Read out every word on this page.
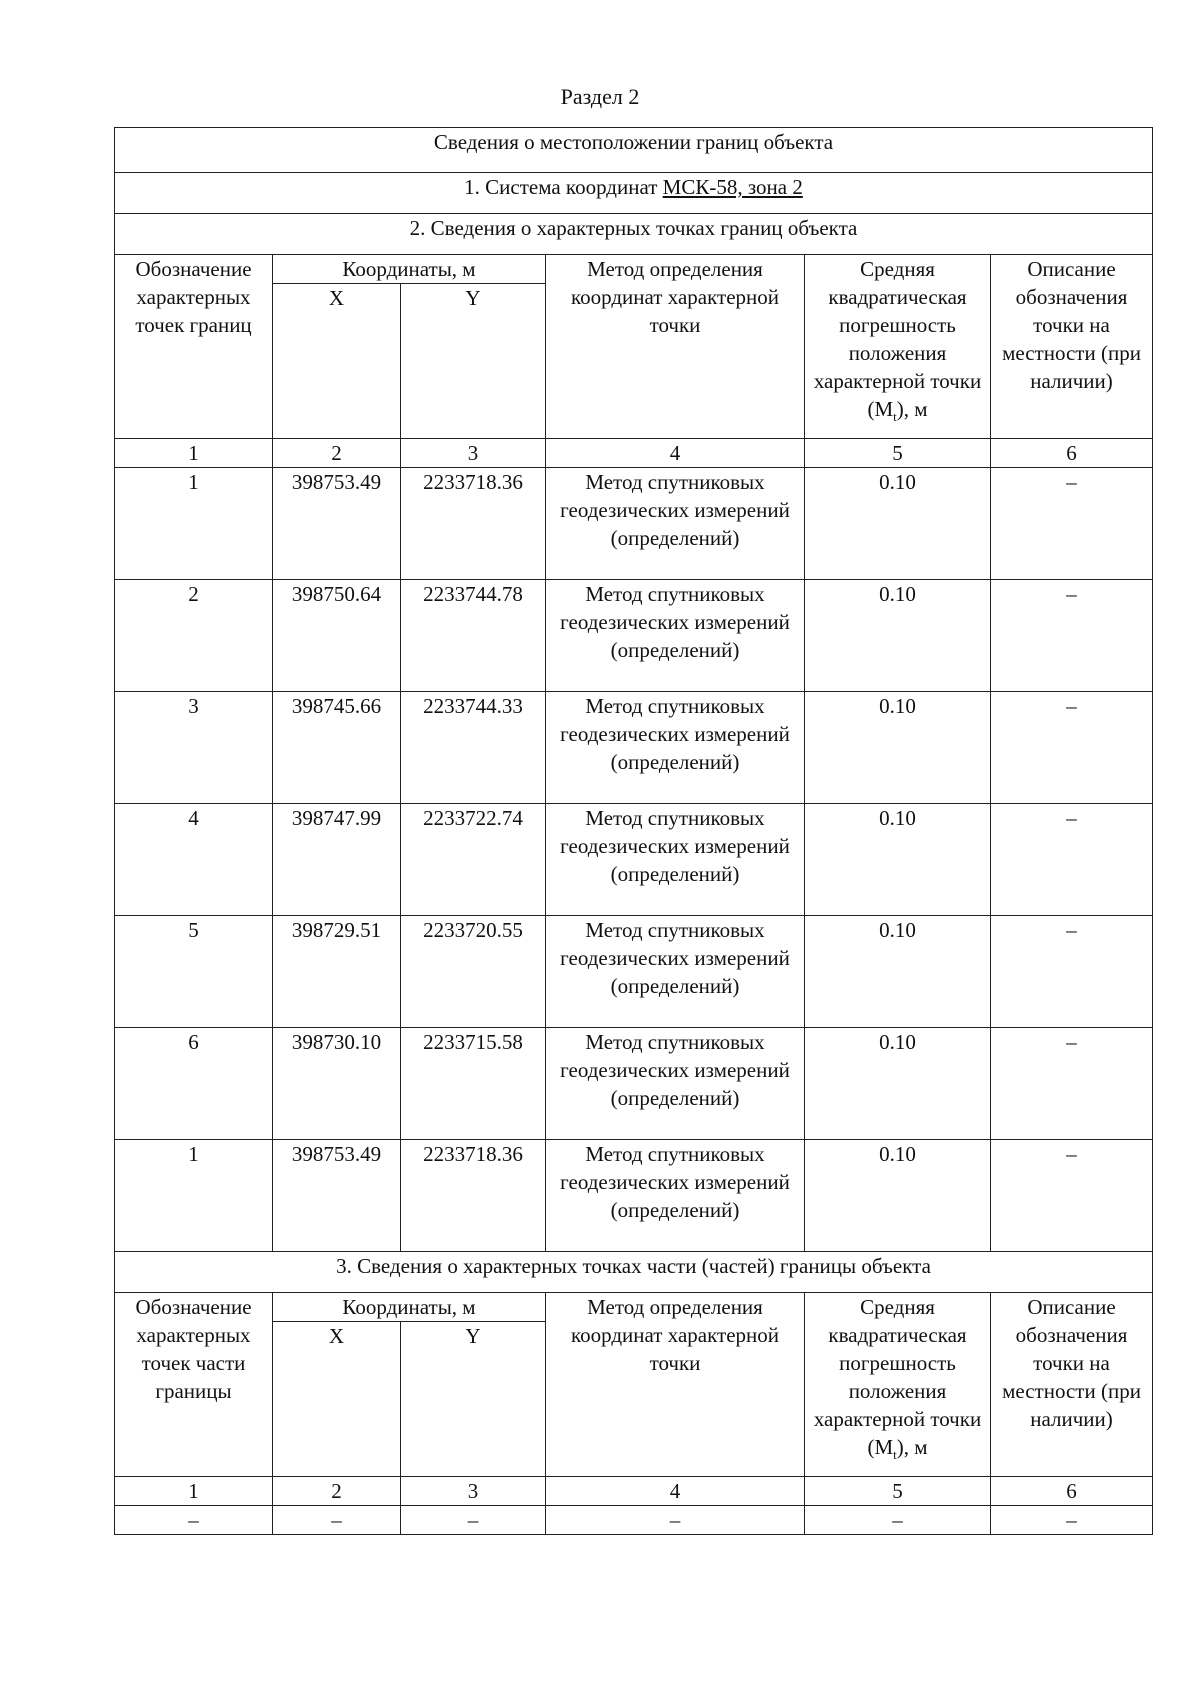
Раздел 2
Сведения о местоположении границ объекта					
1. Система координат МСК-58, зона 2					
2. Сведения о характерных точках границ объекта					
Обозначение характерных точек границ	Координаты, м		Метод определения координат характерной точки	Средняя квадратическая погрешность положения характерной точки $(M_t)$, м	Описание обозначения точки на местности (при наличии)
	X	Y			
1	2	3	4	5	6
1	398753.49	2233718.36	Метод спутниковых геодезических измерений (определений)	0.10	–
2	398750.64	2233744.78	Метод спутниковых геодезических измерений (определений)	0.10	–
3	398745.66	2233744.33	Метод спутниковых геодезических измерений (определений)	0.10	–
4	398747.99	2233722.74	Метод спутниковых геодезических измерений (определений)	0.10	–
5	398729.51	2233720.55	Метод спутниковых геодезических измерений (определений)	0.10	–
6	398730.10	2233715.58	Метод спутниковых геодезических измерений (определений)	0.10	–
1	398753.49	2233718.36	Метод спутниковых геодезических измерений (определений)	0.10	–
3. Сведения о характерных точках части (частей) границы объекта					
Обозначение характерных точек части границы	Координаты, м		Метод определения координат характерной точки	Средняя квадратическая погрешность положения характерной точки $(M_t)$, м	Описание обозначения точки на местности (при наличии)
	X	Y			
1	2	3	4	5	6
–	–	–	–	–	–
